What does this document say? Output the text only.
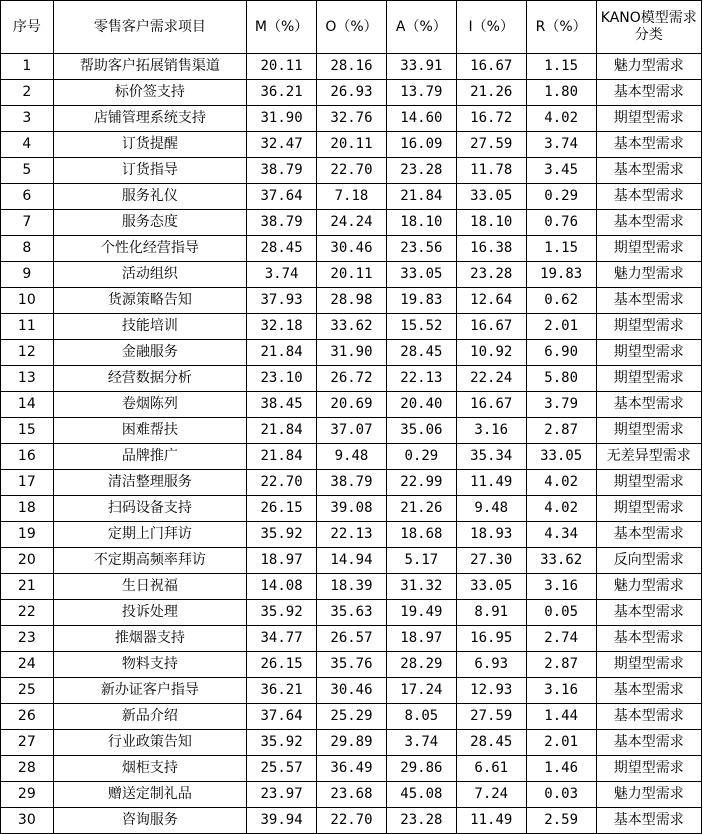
序号	零售客户需求项目	M（%）	O（%）	A（%）	I（%）	R（%）	KANO模型需求
分类
1	帮助客户拓展销售渠道	20.11	28.16	33.91	16.67	1.15	魅力型需求
2	标价签支持	36.21	26.93	13.79	21.26	1.80	基本型需求
3	店铺管理系统支持	31.90	32.76	14.60	16.72	4.02	期望型需求
4	订货提醒	32.47	20.11	16.09	27.59	3.74	基本型需求
5	订货指导	38.79	22.70	23.28	11.78	3.45	基本型需求
6	服务礼仪	37.64	7.18	21.84	33.05	0.29	基本型需求
7	服务态度	38.79	24.24	18.10	18.10	0.76	基本型需求
8	个性化经营指导	28.45	30.46	23.56	16.38	1.15	期望型需求
9	活动组织	3.74	20.11	33.05	23.28	19.83	魅力型需求
10	货源策略告知	37.93	28.98	19.83	12.64	0.62	基本型需求
11	技能培训	32.18	33.62	15.52	16.67	2.01	期望型需求
12	金融服务	21.84	31.90	28.45	10.92	6.90	期望型需求
13	经营数据分析	23.10	26.72	22.13	22.24	5.80	期望型需求
14	卷烟陈列	38.45	20.69	20.40	16.67	3.79	基本型需求
15	困难帮扶	21.84	37.07	35.06	3.16	2.87	期望型需求
16	品牌推广	21.84	9.48	0.29	35.34	33.05	无差异型需求
17	清洁整理服务	22.70	38.79	22.99	11.49	4.02	期望型需求
18	扫码设备支持	26.15	39.08	21.26	9.48	4.02	期望型需求
19	定期上门拜访	35.92	22.13	18.68	18.93	4.34	基本型需求
20	不定期高频率拜访	18.97	14.94	5.17	27.30	33.62	反向型需求
21	生日祝福	14.08	18.39	31.32	33.05	3.16	魅力型需求
22	投诉处理	35.92	35.63	19.49	8.91	0.05	基本型需求
23	推烟器支持	34.77	26.57	18.97	16.95	2.74	基本型需求
24	物料支持	26.15	35.76	28.29	6.93	2.87	期望型需求
25	新办证客户指导	36.21	30.46	17.24	12.93	3.16	基本型需求
26	新品介绍	37.64	25.29	8.05	27.59	1.44	基本型需求
27	行业政策告知	35.92	29.89	3.74	28.45	2.01	基本型需求
28	烟柜支持	25.57	36.49	29.86	6.61	1.46	期望型需求
29	赠送定制礼品	23.97	23.68	45.08	7.24	0.03	魅力型需求
30	咨询服务	39.94	22.70	23.28	11.49	2.59	基本型需求
